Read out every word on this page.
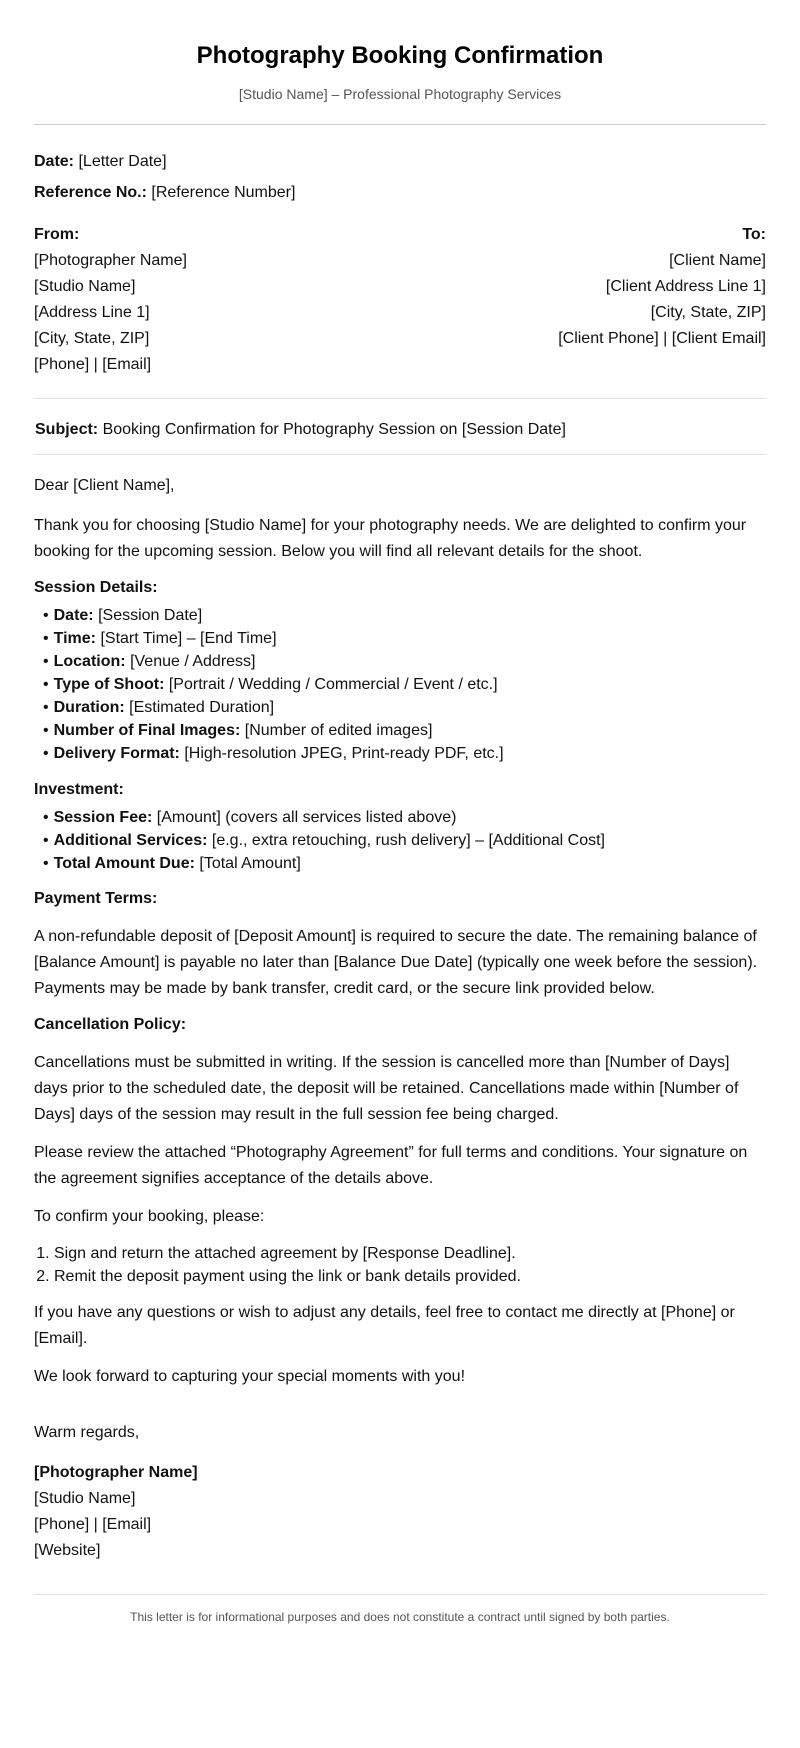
Photography Booking Confirmation
[Studio Name] – Professional Photography Services
Date: [Letter Date]
Reference No.: [Reference Number]
From:
[Photographer Name]
[Studio Name]
[Address Line 1]
[City, State, ZIP]
[Phone] | [Email]
To:
[Client Name]
[Client Address Line 1]
[City, State, ZIP]
[Client Phone] | [Client Email]
Subject: Booking Confirmation for Photography Session on [Session Date]

Dear [Client Name],

Thank you for choosing [Studio Name] for your photography needs. We are delighted to confirm your booking for the upcoming session. Below you will find all relevant details for the shoot.

Session Details:

• Date: [Session Date]
• Time: [Start Time] – [End Time]
• Location: [Venue / Address]
• Type of Shoot: [Portrait / Wedding / Commercial / Event / etc.]
• Duration: [Estimated Duration]
• Number of Final Images: [Number of edited images]
• Delivery Format: [High-resolution JPEG, Print-ready PDF, etc.]

Investment:

• Session Fee: [Amount] (covers all services listed above)
• Additional Services: [e.g., extra retouching, rush delivery] – [Additional Cost]
• Total Amount Due: [Total Amount]

Payment Terms:

A non-refundable deposit of [Deposit Amount] is required to secure the date. The remaining balance of [Balance Amount] is payable no later than [Balance Due Date] (typically one week before the session). Payments may be made by bank transfer, credit card, or the secure link provided below.

Cancellation Policy:

Cancellations must be submitted in writing. If the session is cancelled more than [Number of Days] days prior to the scheduled date, the deposit will be retained. Cancellations made within [Number of Days] days of the session may result in the full session fee being charged.

Please review the attached “Photography Agreement” for full terms and conditions. Your signature on the agreement signifies acceptance of the details above.

To confirm your booking, please:

1. Sign and return the attached agreement by [Response Deadline].
2. Remit the deposit payment using the link or bank details provided.

If you have any questions or wish to adjust any details, feel free to contact me directly at [Phone] or [Email].

We look forward to capturing your special moments with you!

Warm regards,
[Photographer Name]
[Studio Name]
[Phone] | [Email]
[Website]
This letter is for informational purposes and does not constitute a contract until signed by both parties.
